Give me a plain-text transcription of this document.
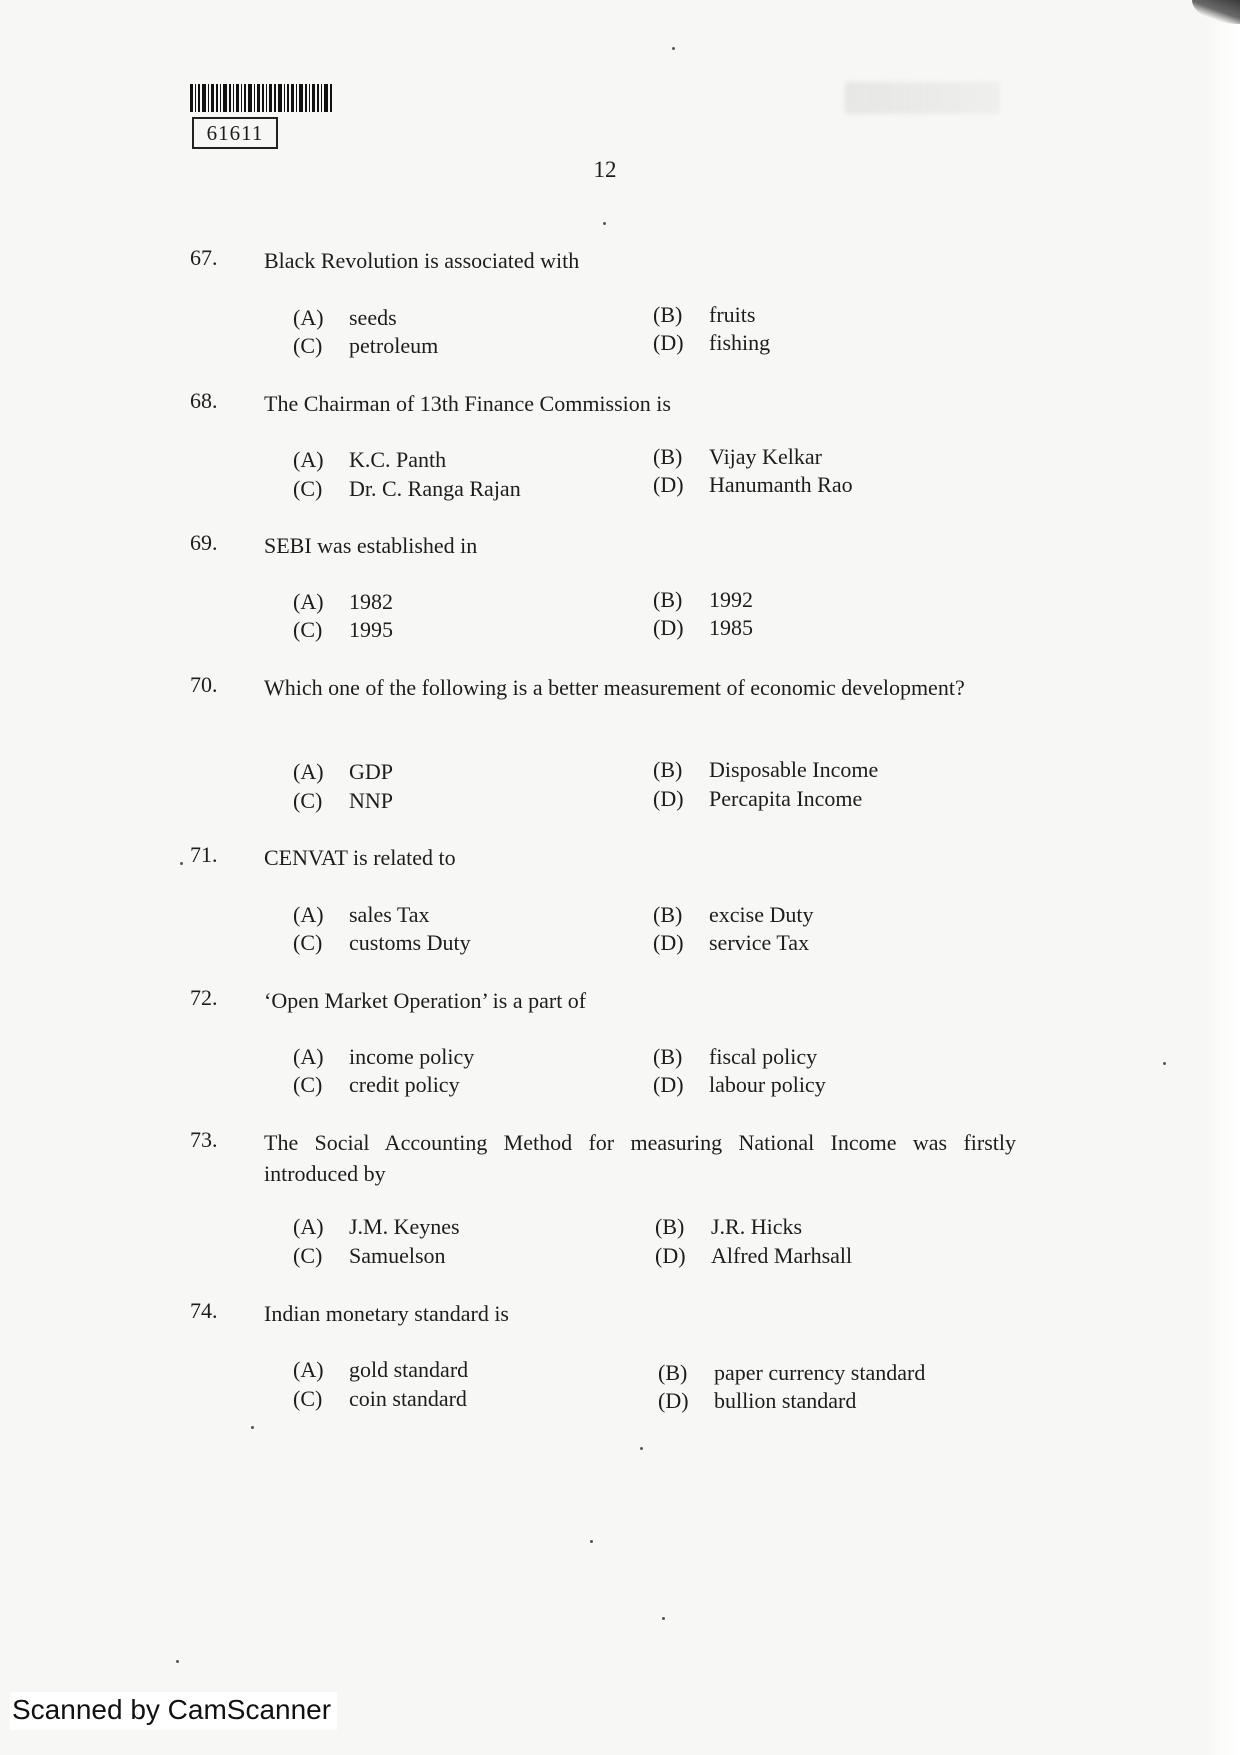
61611
12
67.	Black Revolution is associated with
(A) seeds	(B) fruits
(C) petroleum	(D) fishing
68.	The Chairman of 13th Finance Commission is
(A) K.C. Panth	(B) Vijay Kelkar
(C) Dr. C. Ranga Rajan	(D) Hanumanth Rao
69.	SEBI was established in
(A) 1982	(B) 1992
(C) 1995	(D) 1985
70.	Which one of the following is a better measurement of economic development?
(A) GDP	(B) Disposable Income
(C) NNP	(D) Percapita Income
71.	CENVAT is related to
(A) sales Tax	(B) excise Duty
(C) customs Duty	(D) service Tax
72.	‘Open Market Operation’ is a part of
(A) income policy	(B) fiscal policy
(C) credit policy	(D) labour policy
73.	The Social Accounting Method for measuring National Income was firstly introduced by
(A) J.M. Keynes	(B) J.R. Hicks
(C) Samuelson	(D) Alfred Marhsall
74.	Indian monetary standard is
(A) gold standard	(B) paper currency standard
(C) coin standard	(D) bullion standard
Scanned by CamScanner
